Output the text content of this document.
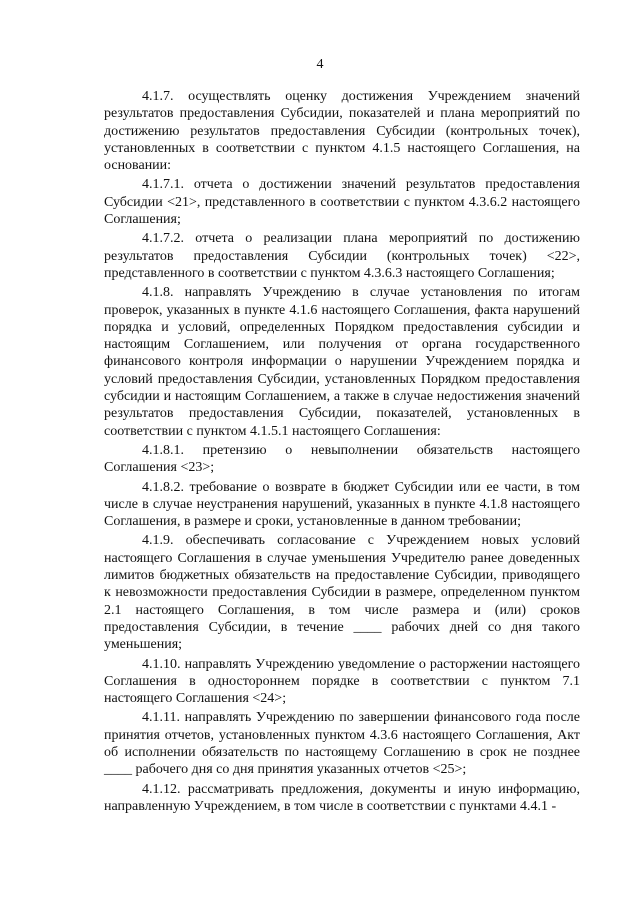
4

4.1.7. осуществлять оценку достижения Учреждением значений результатов предоставления Субсидии, показателей и плана мероприятий по достижению результатов предоставления Субсидии (контрольных точек), установленных в соответствии с пунктом 4.1.5 настоящего Соглашения, на основании:

4.1.7.1. отчета о достижении значений результатов предоставления Субсидии <21>, представленного в соответствии с пунктом 4.3.6.2 настоящего Соглашения;

4.1.7.2. отчета о реализации плана мероприятий по достижению результатов предоставления Субсидии (контрольных точек) <22>, представленного в соответствии с пунктом 4.3.6.3 настоящего Соглашения;

4.1.8. направлять Учреждению в случае установления по итогам проверок, указанных в пункте 4.1.6 настоящего Соглашения, факта нарушений порядка и условий, определенных Порядком предоставления субсидии и настоящим Соглашением, или получения от органа государственного финансового контроля информации о нарушении Учреждением порядка и условий предоставления Субсидии, установленных Порядком предоставления субсидии и настоящим Соглашением, а также в случае недостижения значений результатов предоставления Субсидии, показателей, установленных в соответствии с пунктом 4.1.5.1 настоящего Соглашения:

4.1.8.1. претензию о невыполнении обязательств настоящего Соглашения <23>;

4.1.8.2. требование о возврате в бюджет Субсидии или ее части, в том числе в случае неустранения нарушений, указанных в пункте 4.1.8 настоящего Соглашения, в размере и сроки, установленные в данном требовании;

4.1.9. обеспечивать согласование с Учреждением новых условий настоящего Соглашения в случае уменьшения Учредителю ранее доведенных лимитов бюджетных обязательств на предоставление Субсидии, приводящего к невозможности предоставления Субсидии в размере, определенном пунктом 2.1 настоящего Соглашения, в том числе размера и (или) сроков предоставления Субсидии, в течение ____ рабочих дней со дня такого уменьшения;

4.1.10. направлять Учреждению уведомление о расторжении настоящего Соглашения в одностороннем порядке в соответствии с пунктом 7.1 настоящего Соглашения <24>;

4.1.11. направлять Учреждению по завершении финансового года после принятия отчетов, установленных пунктом 4.3.6 настоящего Соглашения, Акт об исполнении обязательств по настоящему Соглашению в срок не позднее ____ рабочего дня со дня принятия указанных отчетов <25>;

4.1.12. рассматривать предложения, документы и иную информацию, направленную Учреждением, в том числе в соответствии с пунктами 4.4.1 -
